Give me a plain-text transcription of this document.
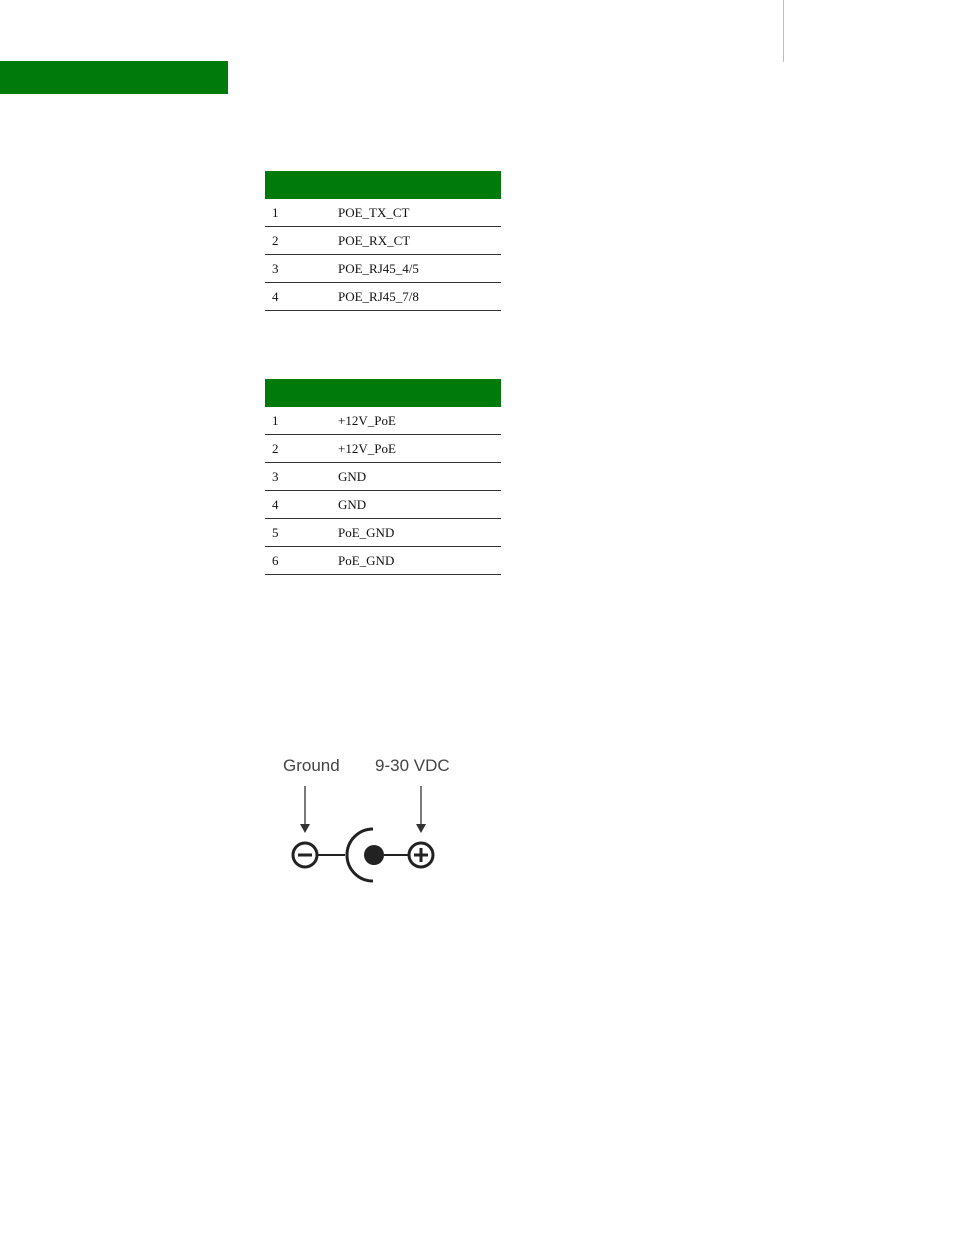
1	POE_TX_CT
2	POE_RX_CT
3	POE_RJ45_4/5
4	POE_RJ45_7/8

1	+12V_PoE
2	+12V_PoE
3	GND
4	GND
5	PoE_GND
6	PoE_GND
Ground 9-30 VDC
